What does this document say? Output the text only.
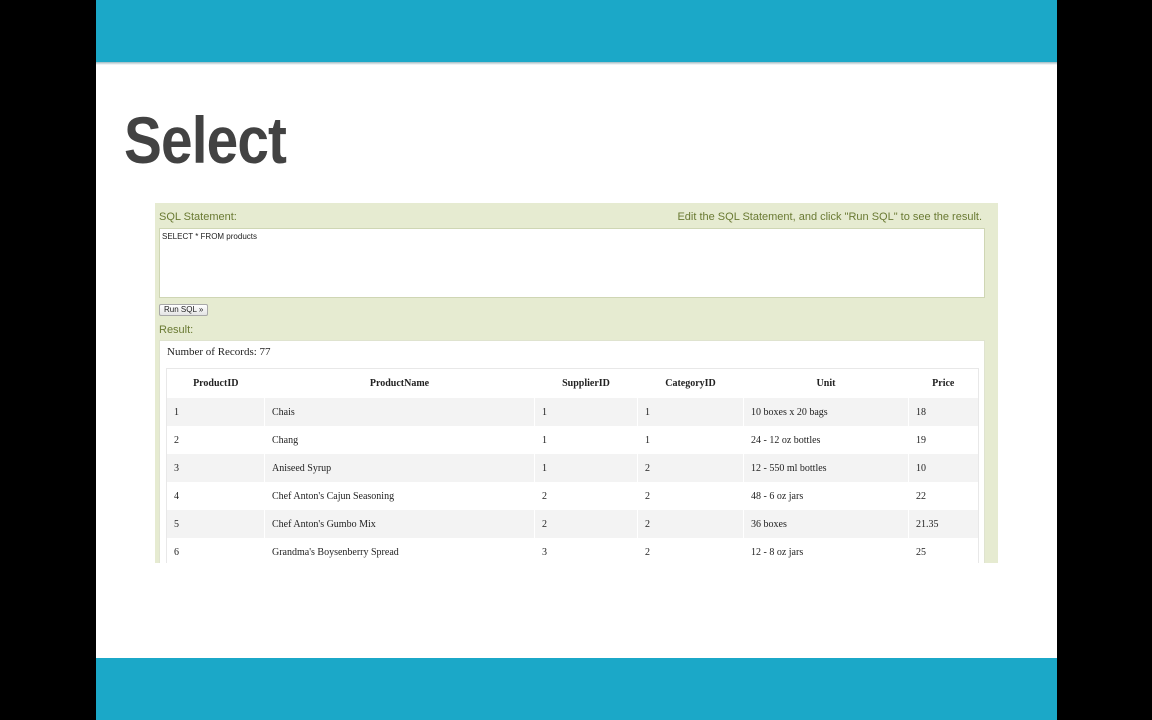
Select
SQL Statement:	Edit the SQL Statement, and click "Run SQL" to see the result.
SELECT * FROM products
Run SQL »
Result:
Number of Records: 77
ProductID	ProductName	SupplierID	CategoryID	Unit	Price
1	Chais	1	1	10 boxes x 20 bags	18
2	Chang	1	1	24 - 12 oz bottles	19
3	Aniseed Syrup	1	2	12 - 550 ml bottles	10
4	Chef Anton's Cajun Seasoning	2	2	48 - 6 oz jars	22
5	Chef Anton's Gumbo Mix	2	2	36 boxes	21.35
6	Grandma's Boysenberry Spread	3	2	12 - 8 oz jars	25
